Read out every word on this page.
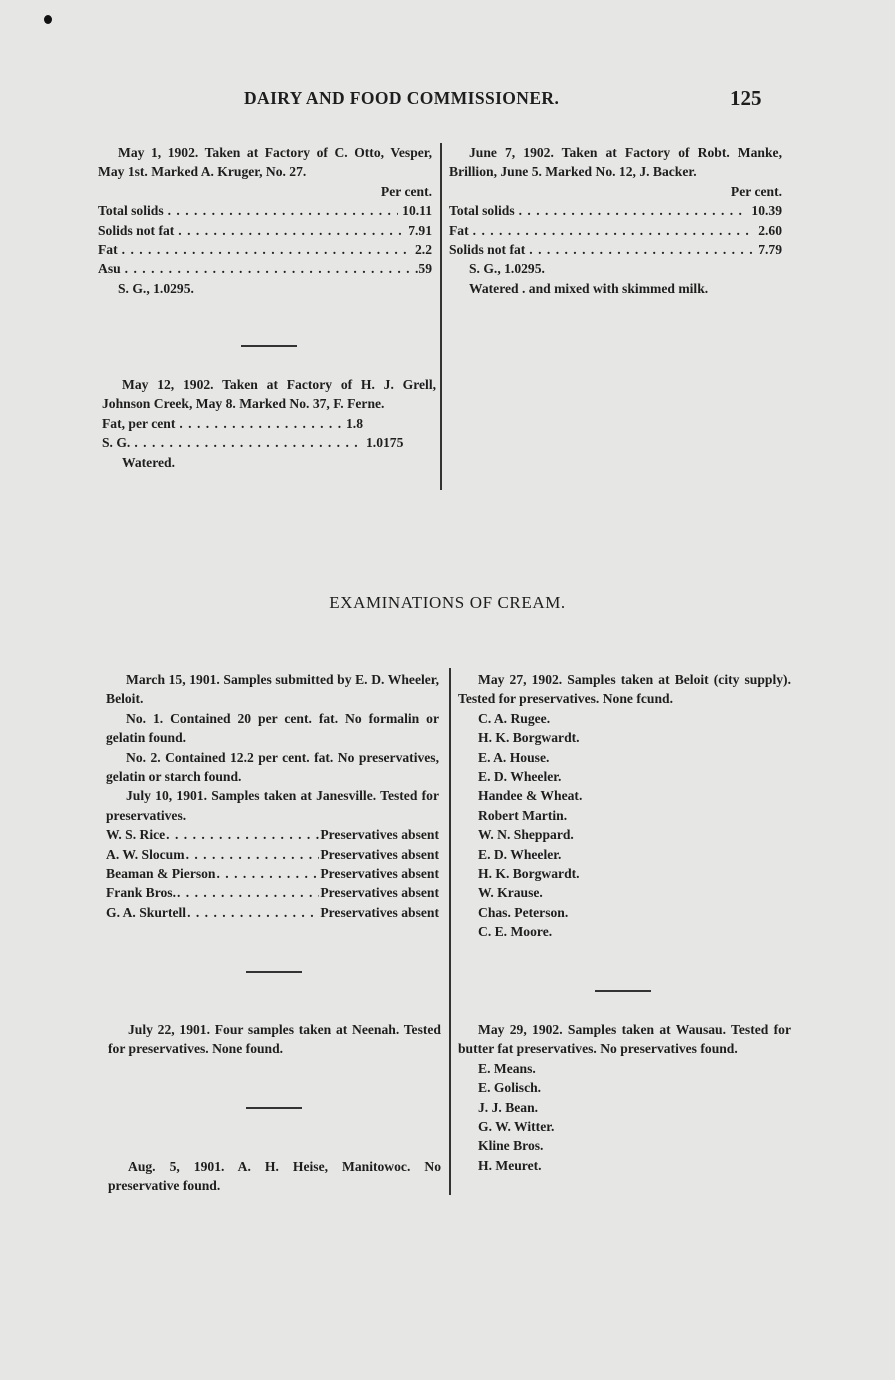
DAIRY AND FOOD COMMISSIONER.	125

May 1, 1902. Taken at Factory of C. Otto, Vesper, May 1st. Marked A. Kruger, No. 27.

Per cent.

Total solids . . .	10.11
Solids not fat . . .	7.91
Fat . . .	2.2
Asu . . .	.59

S. G., 1.0295.

May 12, 1902. Taken at Factory of H. J. Grell, Johnson Creek, May 8. Marked No. 37, F. Ferne.

Fat, per cent . . .	1.8
S. G. . . .	1.0175

Watered.

June 7, 1902. Taken at Factory of Robt. Manke, Brillion, June 5. Marked No. 12, J. Backer.

Per cent.

Total solids . . .	10.39
Fat . . .	2.60
Solids not fat . . .	7.79

S. G., 1.0295.

Watered . and mixed with skimmed milk.

EXAMINATIONS OF CREAM.

March 15, 1901. Samples submitted by E. D. Wheeler, Beloit.

No. 1. Contained 20 per cent. fat. No formalin or gelatin found.

No. 2. Contained 12.2 per cent. fat. No preservatives, gelatin or starch found.

July 10, 1901. Samples taken at Janesville. Tested for preservatives.

W. S. Rice . . .	Preservatives absent
A. W. Slocum . . .	Preservatives absent
Beaman & Pierson . . .	Preservatives absent
Frank Bros. . . .	Preservatives absent
G. A. Skurtell . . .	Preservatives absent

July 22, 1901. Four samples taken at Neenah. Tested for preservatives. None found.

Aug. 5, 1901. A. H. Heise, Manitowoc. No preservative found.

May 27, 1902. Samples taken at Beloit (city supply). Tested for preservatives. None fcund.

C. A. Rugee.

H. K. Borgwardt.

E. A. House.

E. D. Wheeler.

Handee & Wheat.

Robert Martin.

W. N. Sheppard.

E. D. Wheeler.

H. K. Borgwardt.

W. Krause.

Chas. Peterson.

C. E. Moore.

May 29, 1902. Samples taken at Wausau. Tested for butter fat preservatives. No preservatives found.

E. Means.

E. Golisch.

J. J. Bean.

G. W. Witter.

Kline Bros.

H. Meuret.
